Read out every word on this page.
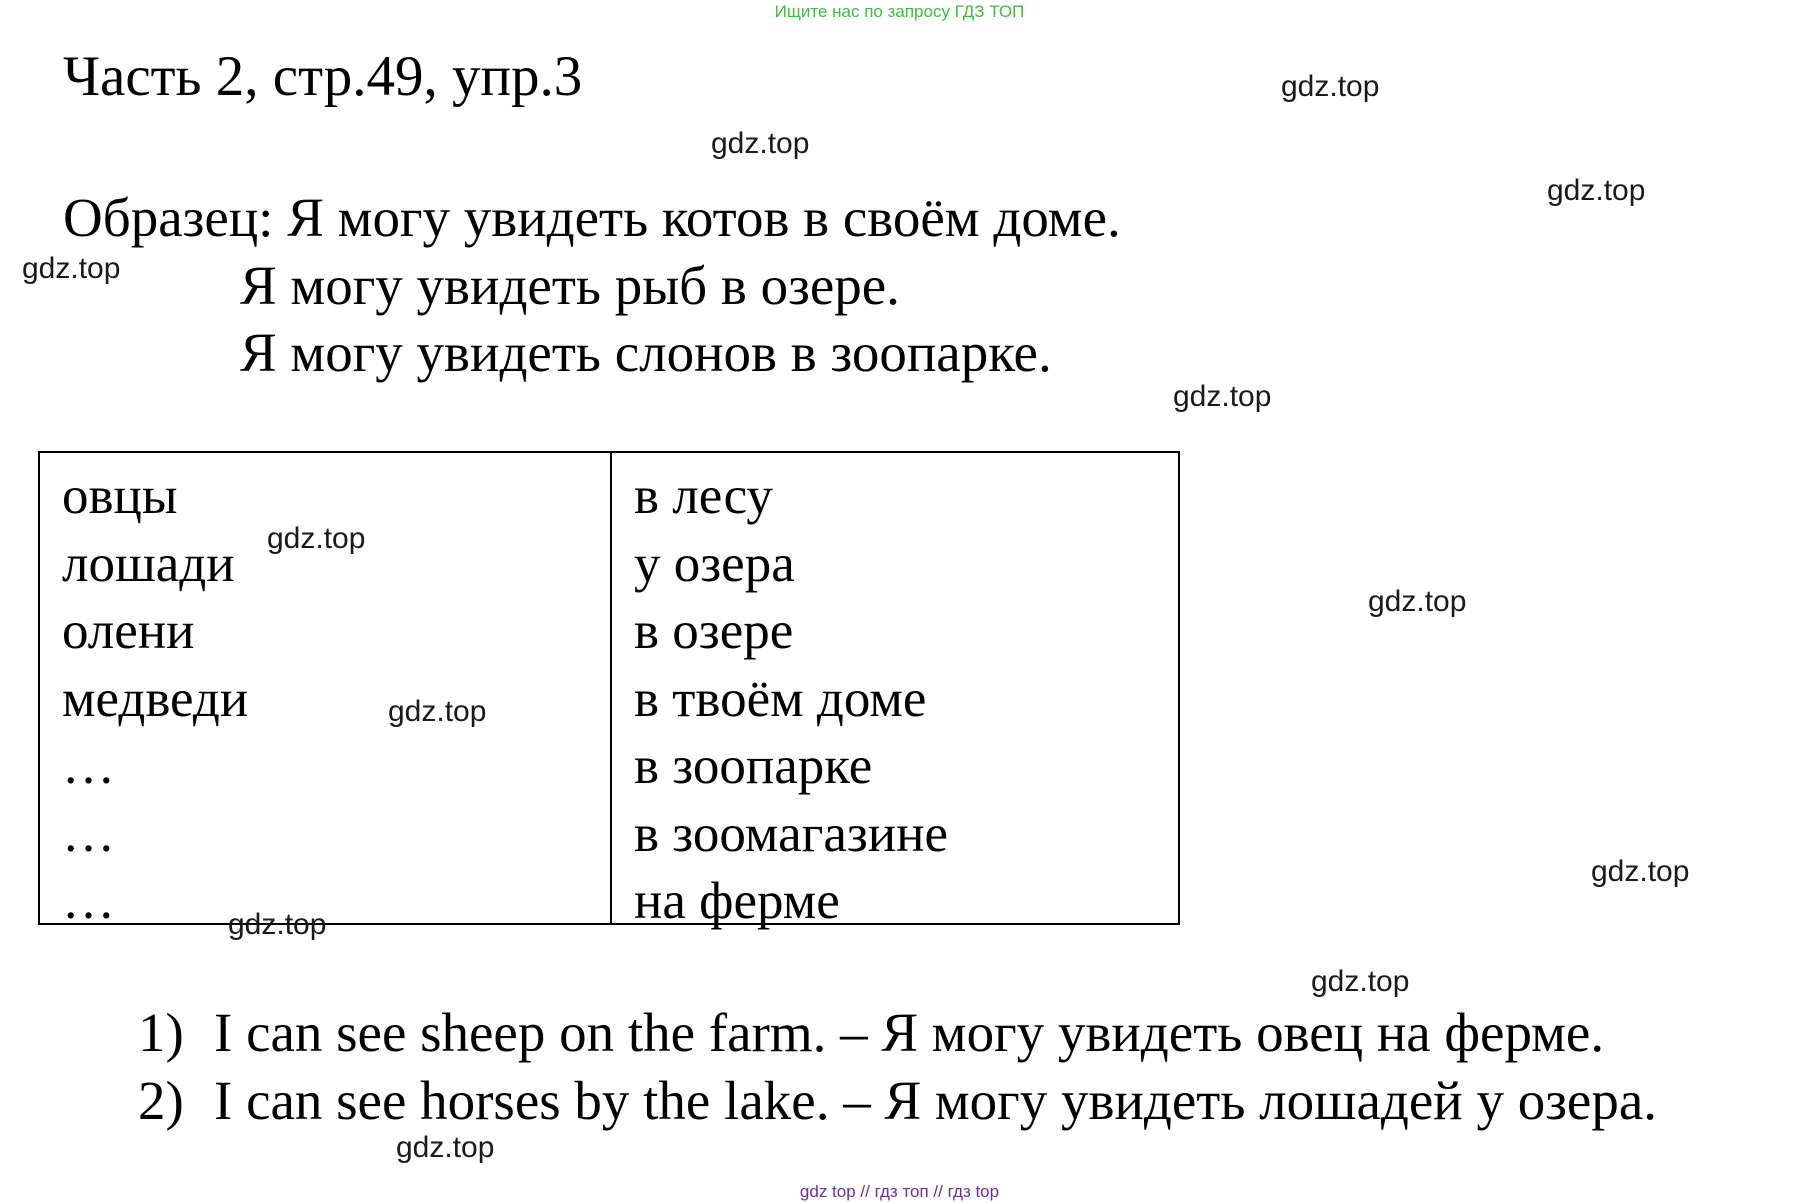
Ищите нас по запросу ГДЗ ТОП
Часть 2, стр.49, упр.3
Образец: Я могу увидеть котов в своём доме.
Я могу увидеть рыб в озере.
Я могу увидеть слонов в зоопарке.
овцы
лошади
олени
медведи
…
…
…
в лесу
у озера
в озере
в твоём доме
в зоопарке
в зоомагазине
на ферме
1) I can see sheep on the farm. – Я могу увидеть овец на ферме.
2) I can see horses by the lake. – Я могу увидеть лошадей у озера.
gdz.top
gdz.top
gdz.top
gdz.top
gdz.top
gdz.top
gdz.top
gdz.top
gdz.top
gdz.top
gdz.top
gdz.top
gdz top // гдз топ // гдз top
